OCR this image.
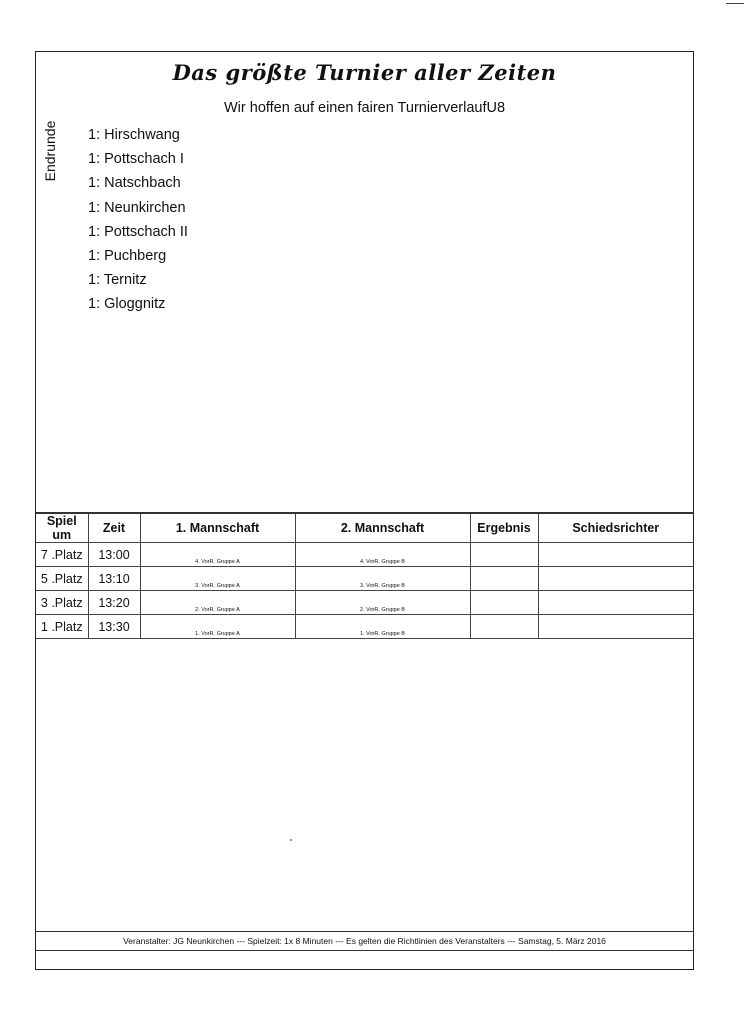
Das größte Turnier aller Zeiten
Wir hoffen auf einen fairen TurnierverlaufU8
Endrunde 1: Hirschwang
1: Pottschach I
1: Natschbach
1: Neunkirchen
1: Pottschach II
1: Puchberg
1: Ternitz
1: Gloggnitz
Spiel um	Zeit	1. Mannschaft	2. Mannschaft	Ergebnis	Schiedsrichter
7 .Platz	13:00	4. VorR. Gruppe A	4. VorR. Gruppe B		

5 .Platz	13:10	3. VorR. Gruppe A	3. VorR. Gruppe B		

3 .Platz	13:20	2. VorR. Gruppe A	2. VorR. Gruppe B		

1 .Platz	13:30	1. VorR. Gruppe A	1. VorR. Gruppe B		

Veranstalter: JG Neunkirchen --- Spielzeit: 1x 8 Minuten --- Es gelten die Richtlinien des Veranstalters --- Samstag, 5. März 2016
